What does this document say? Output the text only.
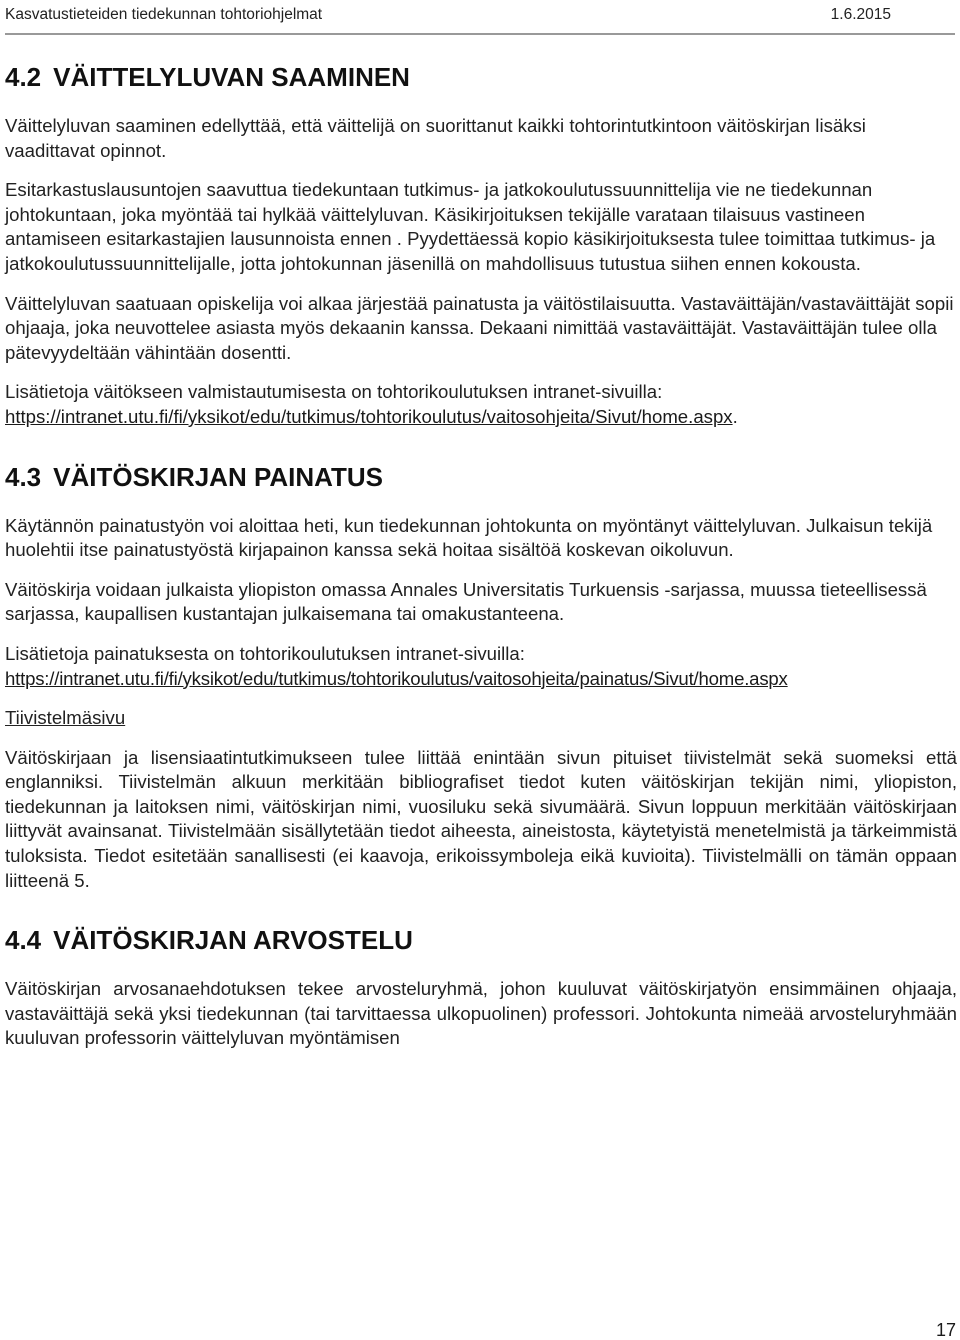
Kasvatustieteiden tiedekunnan tohtoriohjelmat	1.6.2015
4.2 VÄITTELYLUVAN SAAMINEN

Väittelyluvan saaminen edellyttää, että väittelijä on suorittanut kaikki tohtorintutkintoon väitöskirjan lisäksi vaadittavat opinnot.

Esitarkastuslausuntojen saavuttua tiedekuntaan tutkimus- ja jatkokoulutussuunnittelija vie ne tiedekunnan johtokuntaan, joka myöntää tai hylkää väittelyluvan. Käsikirjoituksen tekijälle varataan tilaisuus vastineen antamiseen esitarkastajien lausunnoista ennen . Pyydettäessä kopio käsikirjoituksesta tulee toimittaa tutkimus- ja jatkokoulutussuunnittelijalle, jotta johtokunnan jäsenillä on mahdollisuus tutustua siihen ennen kokousta.

Väittelyluvan saatuaan opiskelija voi alkaa järjestää painatusta ja väitöstilaisuutta. Vastaväittäjän/vastaväittäjät sopii ohjaaja, joka neuvottelee asiasta myös dekaanin kanssa. Dekaani nimittää vastaväittäjät. Vastaväittäjän tulee olla pätevyydeltään vähintään dosentti.

Lisätietoja väitökseen valmistautumisesta on tohtorikoulutuksen intranet-sivuilla:
https://intranet.utu.fi/fi/yksikot/edu/tutkimus/tohtorikoulutus/vaitosohjeita/Sivut/home.aspx.

4.3 VÄITÖSKIRJAN PAINATUS

Käytännön painatustyön voi aloittaa heti, kun tiedekunnan johtokunta on myöntänyt väittelyluvan. Julkaisun tekijä huolehtii itse painatustyöstä kirjapainon kanssa sekä hoitaa sisältöä koskevan oikoluvun.

Väitöskirja voidaan julkaista yliopiston omassa Annales Universitatis Turkuensis -sarjassa, muussa tieteellisessä sarjassa, kaupallisen kustantajan julkaisemana tai omakustanteena.

Lisätietoja painatuksesta on tohtorikoulutuksen intranet-sivuilla:
https://intranet.utu.fi/fi/yksikot/edu/tutkimus/tohtorikoulutus/vaitosohjeita/painatus/Sivut/home.aspx

Tiivistelmäsivu

Väitöskirjaan ja lisensiaatintutkimukseen tulee liittää enintään sivun pituiset tiivistelmät sekä suomeksi että englanniksi. Tiivistelmän alkuun merkitään bibliografiset tiedot kuten väitöskirjan tekijän nimi, yliopiston, tiedekunnan ja laitoksen nimi, väitöskirjan nimi, vuosiluku sekä sivumäärä. Sivun loppuun merkitään väitöskirjaan liittyvät avainsanat. Tiivistelmään sisällytetään tiedot aiheesta, aineistosta, käytetyistä menetelmistä ja tärkeimmistä tuloksista. Tiedot esitetään sanallisesti (ei kaavoja, erikoissymboleja eikä kuvioita). Tiivistelmälli on tämän oppaan liitteenä 5.

4.4 VÄITÖSKIRJAN ARVOSTELU

Väitöskirjan arvosanaehdotuksen tekee arvosteluryhmä, johon kuuluvat väitöskirjatyön ensimmäinen ohjaaja, vastaväittäjä sekä yksi tiedekunnan (tai tarvittaessa ulkopuolinen) professori. Johtokunta nimeää arvosteluryhmään kuuluvan professorin väittelyluvan myöntämisen

17
